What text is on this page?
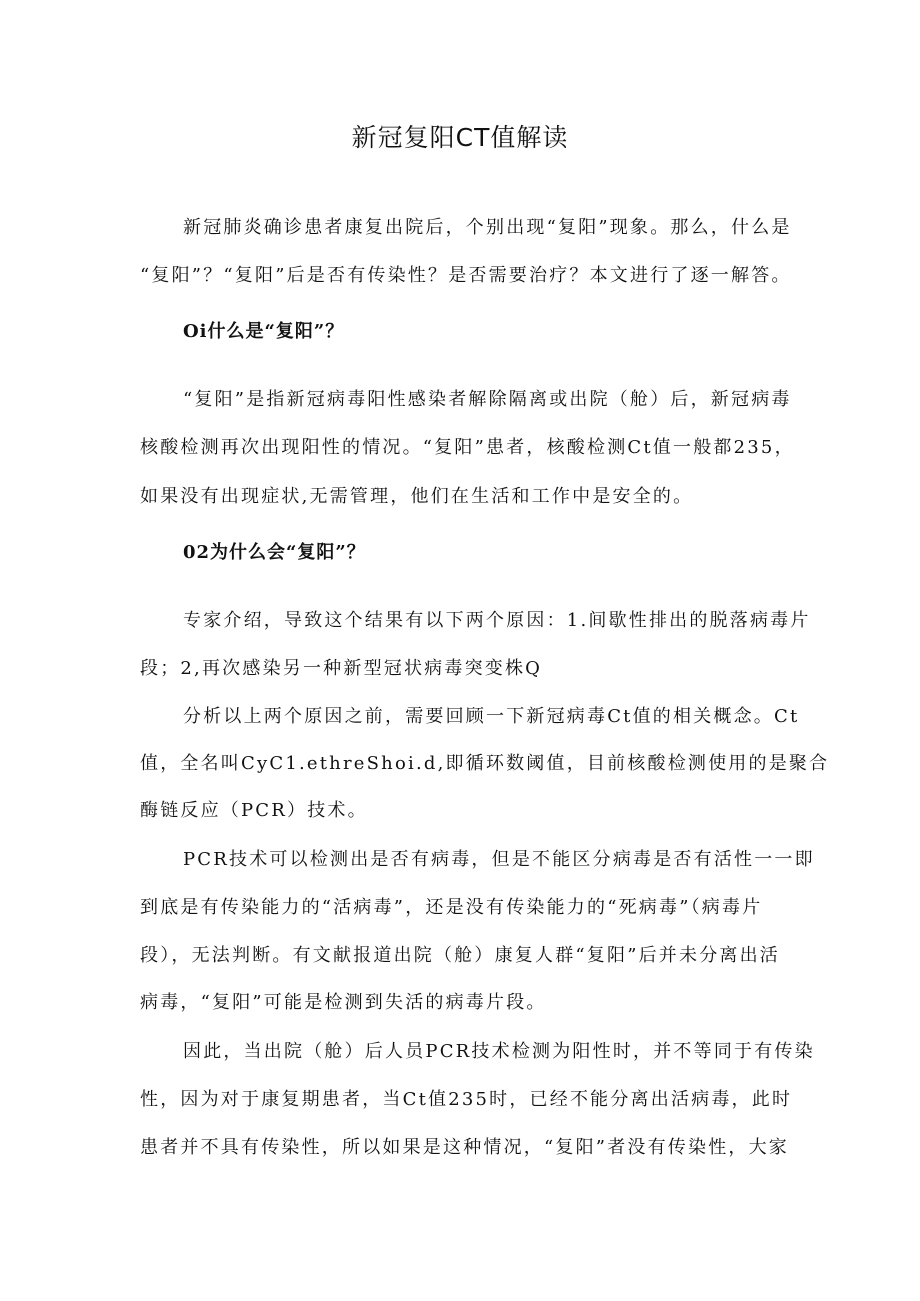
新冠复阳CT值解读

新冠肺炎确诊患者康复出院后，个别出现“复阳”现象。那么，什么是

“复阳”？“复阳”后是否有传染性？是否需要治疗？本文进行了逐一解答。

Oi什么是“复阳”？

“复阳”是指新冠病毒阳性感染者解除隔离或出院（舱）后，新冠病毒

核酸检测再次出现阳性的情况。“复阳”患者，核酸检测Ct值一般都235，

如果没有出现症状,无需管理，他们在生活和工作中是安全的。

02为什么会“复阳”？

专家介绍，导致这个结果有以下两个原因：1.间歇性排出的脱落病毒片

段；2,再次感染另一种新型冠状病毒突变株Q

分析以上两个原因之前，需要回顾一下新冠病毒Ct值的相关概念。Ct

值，全名叫CyC1.ethreShoi.d,即循环数阈值，目前核酸检测使用的是聚合

酶链反应（PCR）技术。

PCR技术可以检测出是否有病毒，但是不能区分病毒是否有活性一一即

到底是有传染能力的“活病毒”，还是没有传染能力的“死病毒”（病毒片

段），无法判断。有文献报道出院（舱）康复人群“复阳”后并未分离出活

病毒，“复阳”可能是检测到失活的病毒片段。

因此，当出院（舱）后人员PCR技术检测为阳性时，并不等同于有传染

性，因为对于康复期患者，当Ct值235时，已经不能分离出活病毒，此时

患者并不具有传染性，所以如果是这种情况，“复阳”者没有传染性，大家
